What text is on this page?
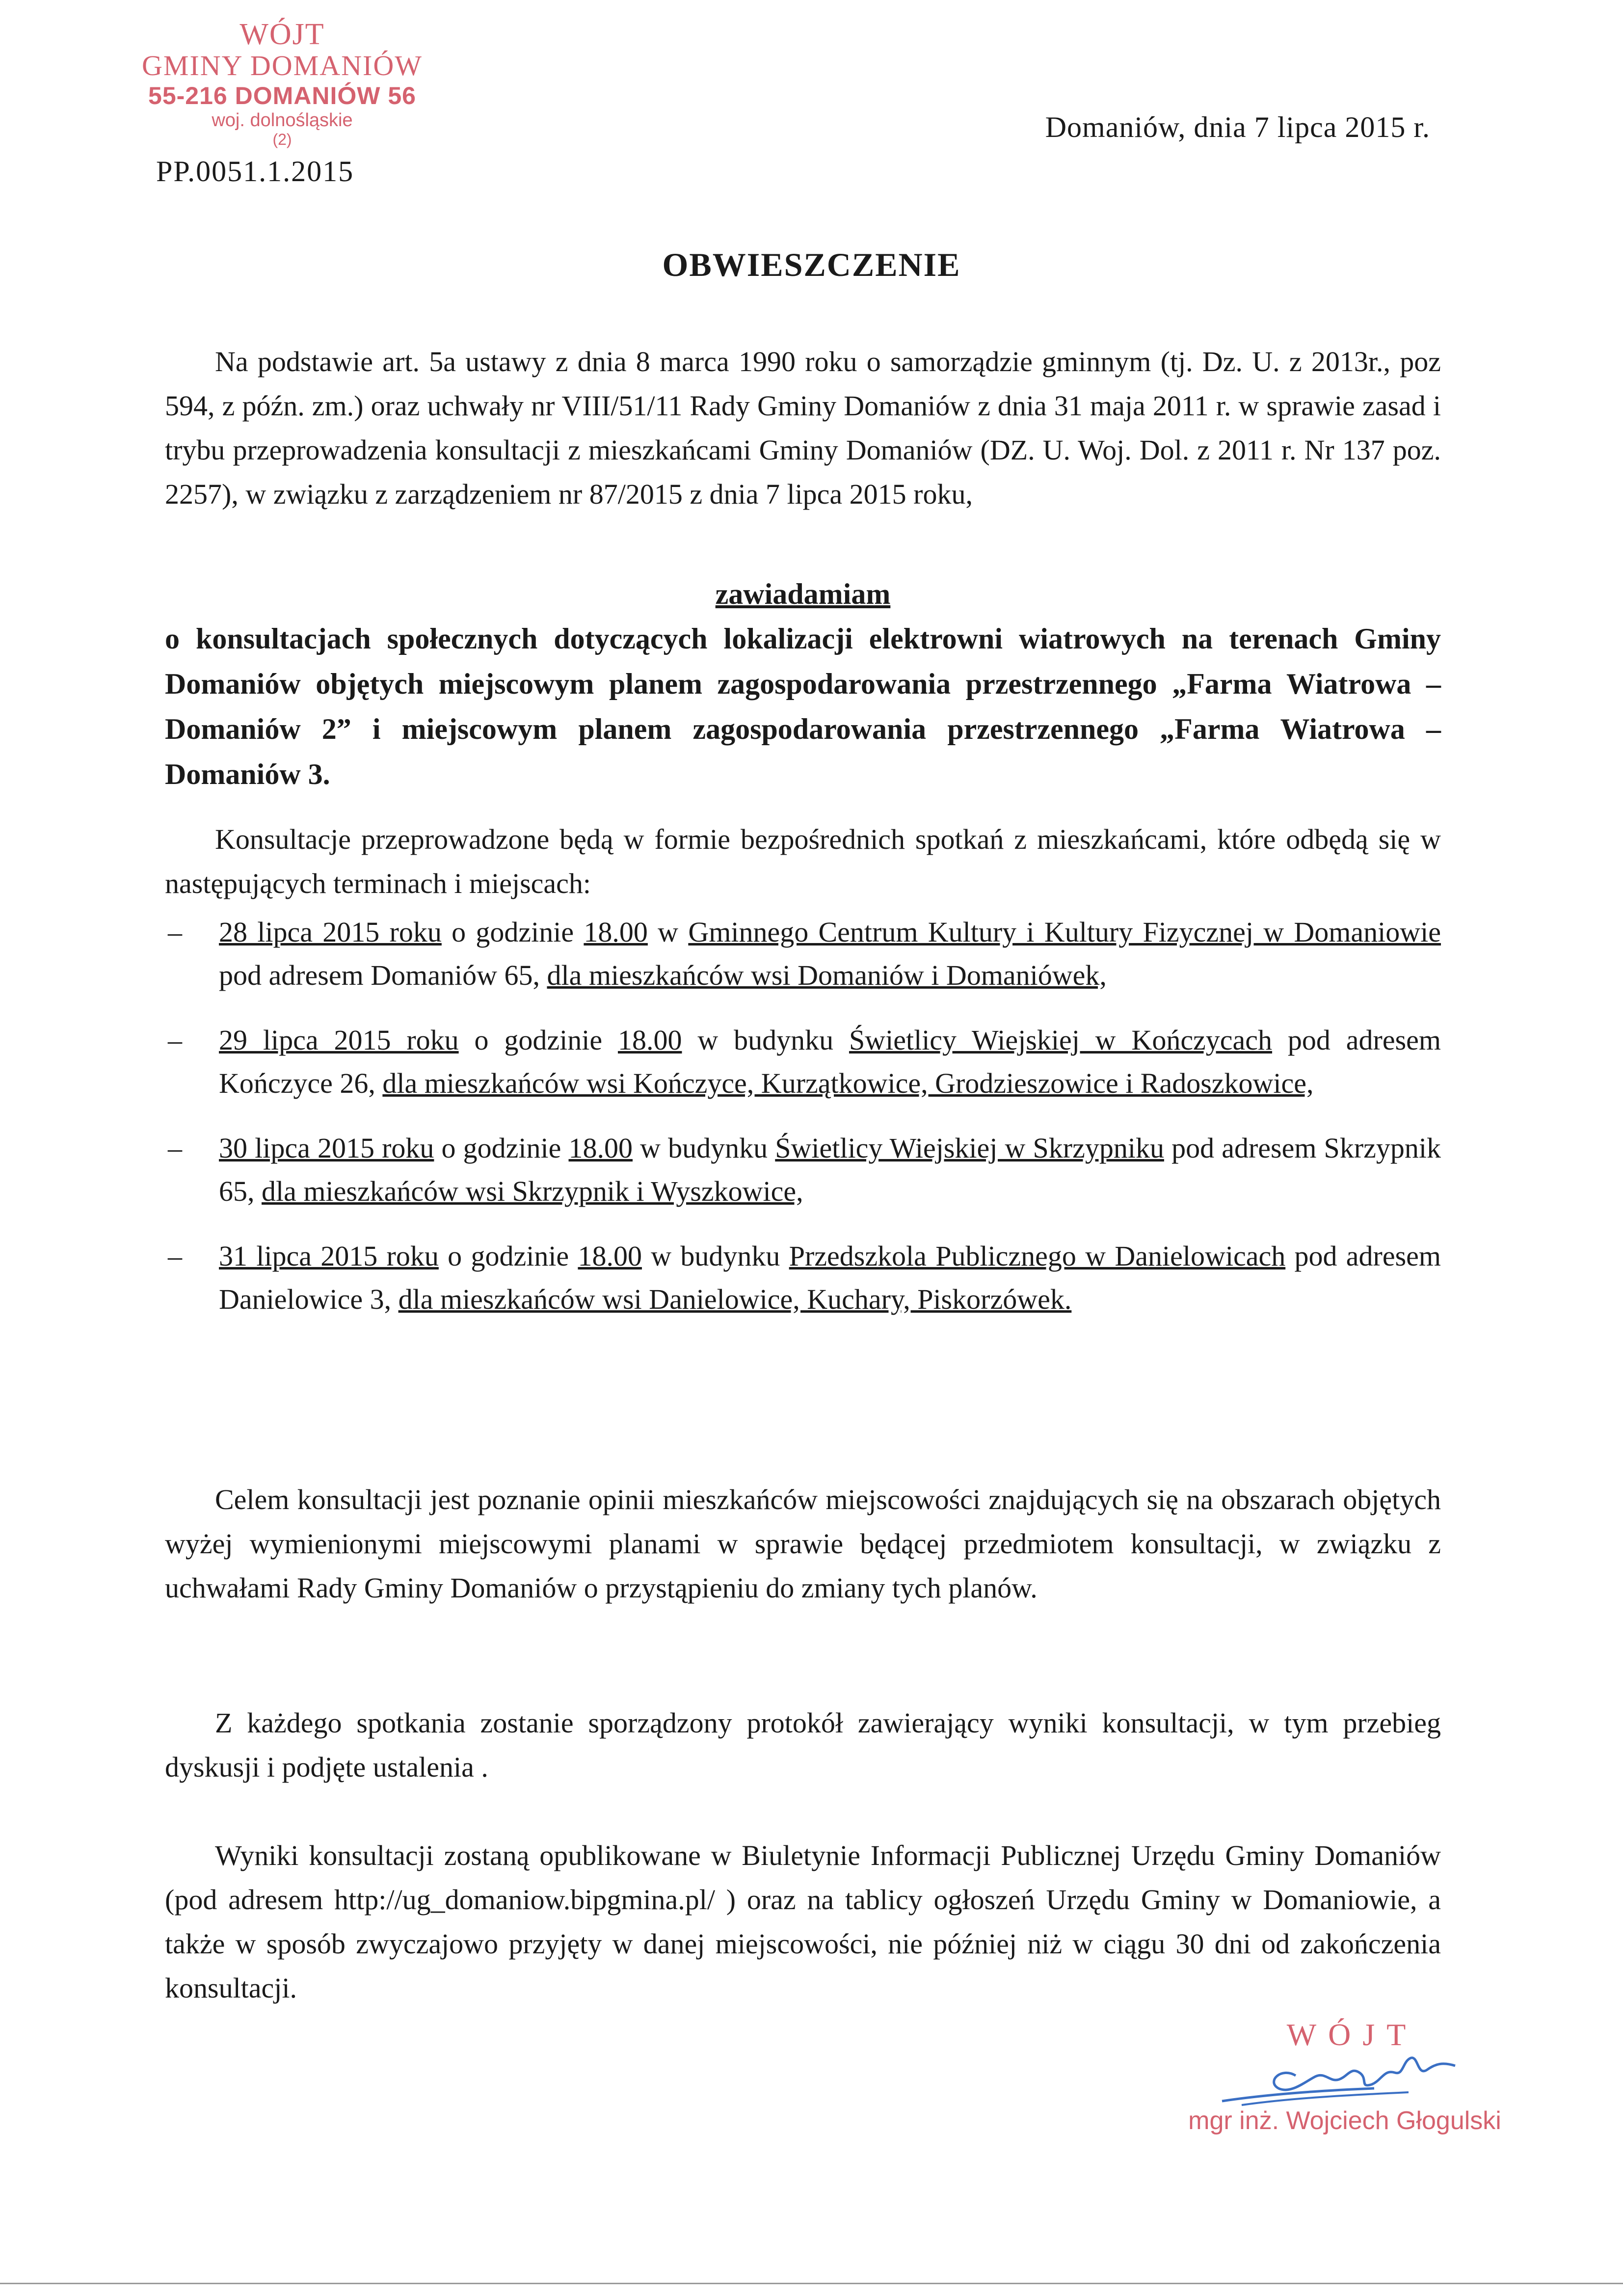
WÓJT
GMINY DOMANIÓW
55-216 DOMANIÓW 56
woj. dolnośląskie
(2)
PP.0051.1.2015
Domaniów, dnia 7 lipca 2015 r.
OBWIESZCZENIE
Na podstawie art. 5a ustawy z dnia 8 marca 1990 roku o samorządzie gminnym (tj. Dz. U. z 2013r., poz 594, z późn. zm.) oraz uchwały nr VIII/51/11 Rady Gminy Domaniów z dnia 31 maja 2011 r. w sprawie zasad i trybu przeprowadzenia konsultacji z mieszkańcami Gminy Domaniów (DZ. U. Woj. Dol. z 2011 r. Nr 137 poz. 2257), w związku z zarządzeniem nr 87/2015 z dnia 7 lipca 2015 roku,
zawiadamiam
o konsultacjach społecznych dotyczących lokalizacji elektrowni wiatrowych na terenach Gminy Domaniów objętych miejscowym planem zagospodarowania przestrzennego „Farma Wiatrowa – Domaniów 2” i miejscowym planem zagospodarowania przestrzennego „Farma Wiatrowa – Domaniów 3.
Konsultacje przeprowadzone będą w formie bezpośrednich spotkań z mieszkańcami, które odbędą się w następujących terminach i miejscach:
– 28 lipca 2015 roku o godzinie 18.00 w Gminnego Centrum Kultury i Kultury Fizycznej w Domaniowie pod adresem Domaniów 65, dla mieszkańców wsi Domaniów i Domaniówek,
– 29 lipca 2015 roku o godzinie 18.00 w budynku Świetlicy Wiejskiej w Kończycach pod adresem Kończyce 26, dla mieszkańców wsi Kończyce, Kurzątkowice, Grodzieszowice i Radoszkowice,
– 30 lipca 2015 roku o godzinie 18.00 w budynku Świetlicy Wiejskiej w Skrzypniku pod adresem Skrzypnik 65, dla mieszkańców wsi Skrzypnik i Wyszkowice,
– 31 lipca 2015 roku o godzinie 18.00 w budynku Przedszkola Publicznego w Danielowicach pod adresem Danielowice 3, dla mieszkańców wsi Danielowice, Kuchary, Piskorzówek.
Celem konsultacji jest poznanie opinii mieszkańców miejscowości znajdujących się na obszarach objętych wyżej wymienionymi miejscowymi planami w sprawie będącej przedmiotem konsultacji, w związku z uchwałami Rady Gminy Domaniów o przystąpieniu do zmiany tych planów.
Z każdego spotkania zostanie sporządzony protokół zawierający wyniki konsultacji, w tym przebieg dyskusji i podjęte ustalenia .
Wyniki konsultacji zostaną opublikowane w Biuletynie Informacji Publicznej Urzędu Gminy Domaniów (pod adresem http://ug_domaniow.bipgmina.pl/ ) oraz na tablicy ogłoszeń Urzędu Gminy w Domaniowie, a także w sposób zwyczajowo przyjęty w danej miejscowości, nie później niż w ciągu 30 dni od zakończenia konsultacji.
WÓJT
mgr inż. Wojciech Głogulski
